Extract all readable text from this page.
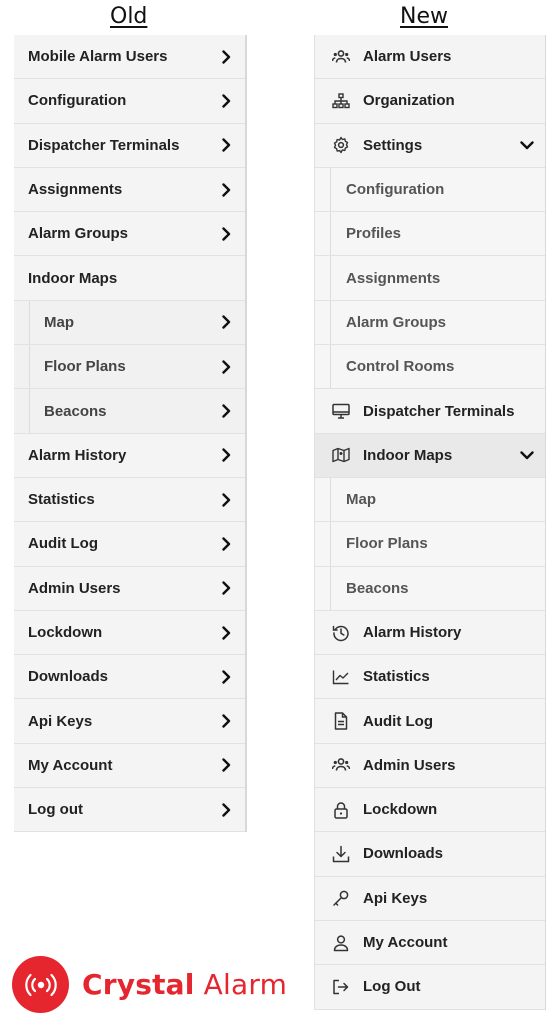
Old	New
Mobile Alarm Users
Configuration
Dispatcher Terminals
Assignments
Alarm Groups
Indoor Maps
Map
Floor Plans
Beacons
Alarm History
Statistics
Audit Log
Admin Users
Lockdown
Downloads
Api Keys
My Account
Log out
Alarm Users
Organization
Settings
Configuration
Profiles
Assignments
Alarm Groups
Control Rooms
Dispatcher Terminals
Indoor Maps
Map
Floor Plans
Beacons
Alarm History
Statistics
Audit Log
Admin Users
Lockdown
Downloads
Api Keys
My Account
Log Out
Crystal Alarm
